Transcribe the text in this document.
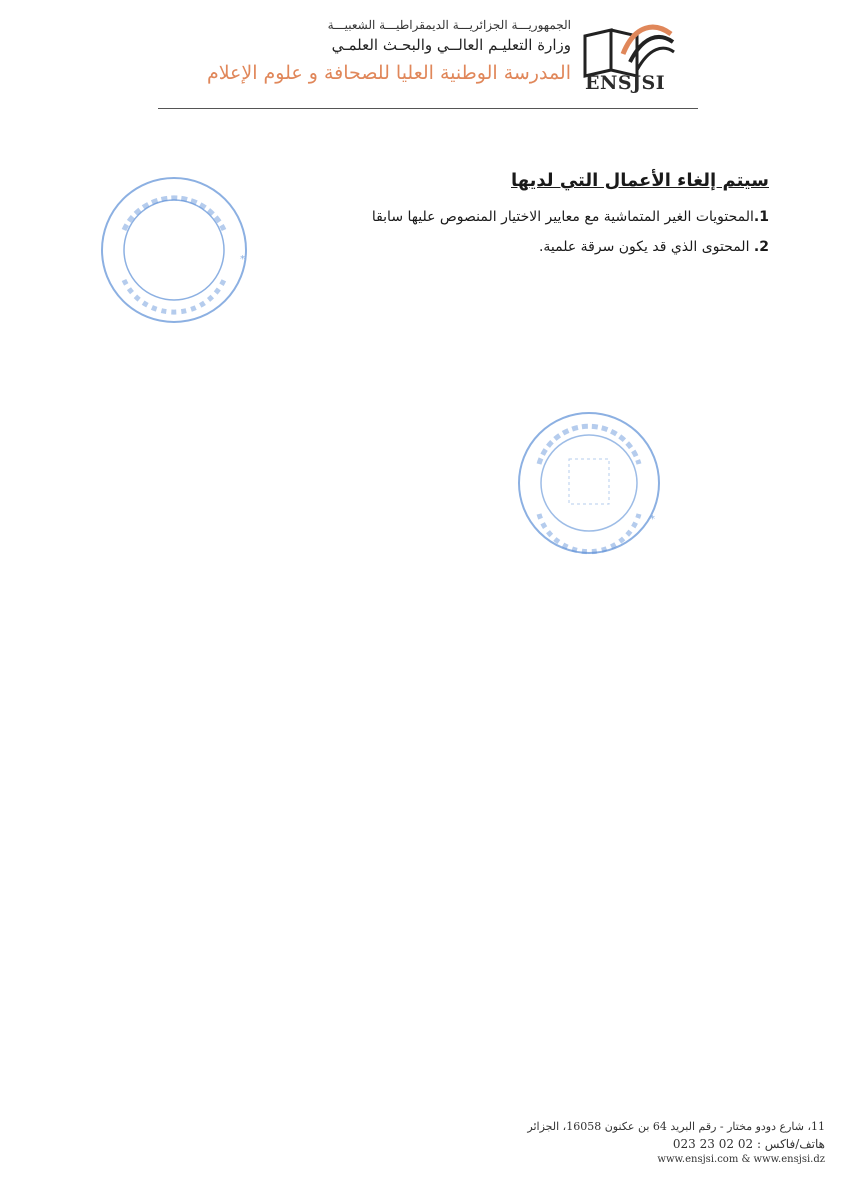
الجمهوريـــة الجزائريـــة الديمقراطيـــة الشعبيـــة
وزارة التعليـم العالــي والبحـث العلمـي
المدرسة الوطنية العليا للصحافة و علوم الإعلام ENSJSI
*
*
سيتم إلغاء الأعمال التي لديها
1.المحتويات الغير المتماشية مع معايير الاختيار المنصوص عليها سابقا
2. المحتوى الذي قد يكون سرقة علمية.
11، شارع دودو مختار - رقم البريد 64 بن عكنون 16058، الجزائر
هاتف/فاكس : 02 02 23 023
www.ensjsi.com & www.ensjsi.dz
